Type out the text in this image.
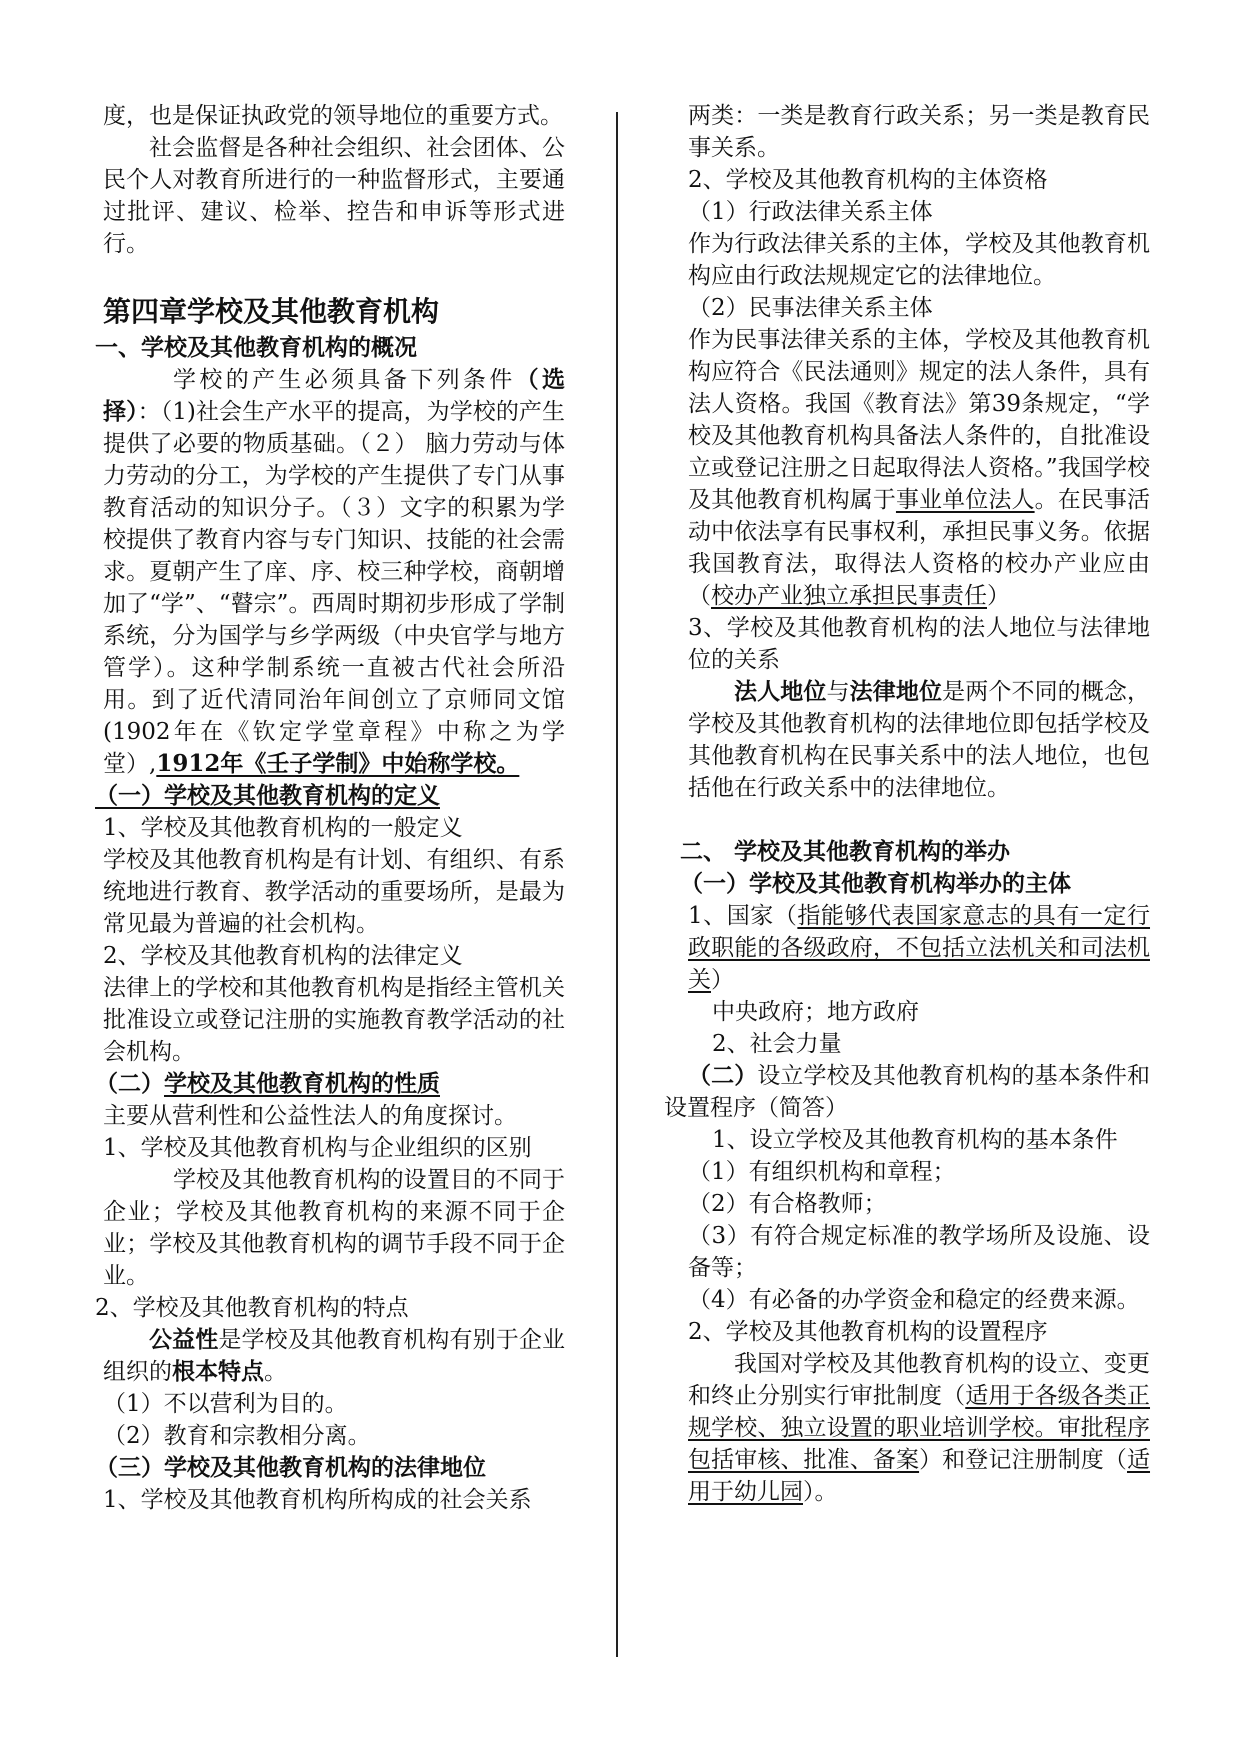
度，也是保证执政党的领导地位的重要方式。

社会监督是各种社会组织、社会团体、公民个人对教育所进行的一种监督形式，主要通过批评、建议、检举、控告和申诉等形式进行。

第四章学校及其他教育机构

一、学校及其他教育机构的概况

学校的产生必须具备下列条件（选择）：（1)社会生产水平的提高，为学校的产生提供了必要的物质基础。（２） 脑力劳动与体力劳动的分工，为学校的产生提供了专门从事教育活动的知识分子。（３）文字的积累为学校提供了教育内容与专门知识、技能的社会需求。夏朝产生了庠、序、校三种学校，商朝增加了“学”、“瞽宗”。西周时期初步形成了学制系统，分为国学与乡学两级（中央官学与地方管学）。这种学制系统一直被古代社会所沿用。到了近代清同治年间创立了京师同文馆(1902年在《钦定学堂章程》中称之为学堂）,1912年《壬子学制》中始称学校。

（一）学校及其他教育机构的定义

1、学校及其他教育机构的一般定义

学校及其他教育机构是有计划、有组织、有系统地进行教育、教学活动的重要场所，是最为常见最为普遍的社会机构。

2、学校及其他教育机构的法律定义

法律上的学校和其他教育机构是指经主管机关批准设立或登记注册的实施教育教学活动的社会机构。

（二）学校及其他教育机构的性质

主要从营利性和公益性法人的角度探讨。

1、学校及其他教育机构与企业组织的区别

学校及其他教育机构的设置目的不同于企业；学校及其他教育机构的来源不同于企业；学校及其他教育机构的调节手段不同于企业。

2、学校及其他教育机构的特点

公益性是学校及其他教育机构有别于企业组织的根本特点。

（1）不以营利为目的。

（2）教育和宗教相分离。

（三）学校及其他教育机构的法律地位

1、学校及其他教育机构所构成的社会关系

两类：一类是教育行政关系；另一类是教育民事关系。

2、学校及其他教育机构的主体资格

（1）行政法律关系主体

作为行政法律关系的主体，学校及其他教育机构应由行政法规规定它的法律地位。

（2）民事法律关系主体

作为民事法律关系的主体，学校及其他教育机构应符合《民法通则》规定的法人条件，具有法人资格。我国《教育法》第39条规定，“学校及其他教育机构具备法人条件的，自批准设立或登记注册之日起取得法人资格。”我国学校及其他教育机构属于事业单位法人。在民事活动中依法享有民事权利，承担民事义务。依据我国教育法，取得法人资格的校办产业应由（校办产业独立承担民事责任）

3、学校及其他教育机构的法人地位与法律地位的关系

法人地位与法律地位是两个不同的概念，学校及其他教育机构的法律地位即包括学校及其他教育机构在民事关系中的法人地位，也包括他在行政关系中的法律地位。

二、 学校及其他教育机构的举办

（一）学校及其他教育机构举办的主体

1、国家（指能够代表国家意志的具有一定行政职能的各级政府，不包括立法机关和司法机关）

中央政府；地方政府

2、社会力量

（二）设立学校及其他教育机构的基本条件和设置程序（简答）

1、设立学校及其他教育机构的基本条件

（1）有组织机构和章程；

（2）有合格教师；

（3）有符合规定标准的教学场所及设施、设备等；

（4）有必备的办学资金和稳定的经费来源。

2、学校及其他教育机构的设置程序

我国对学校及其他教育机构的设立、变更和终止分别实行审批制度（适用于各级各类正规学校、独立设置的职业培训学校。审批程序包括审核、批准、备案）和登记注册制度（适用于幼儿园）。
